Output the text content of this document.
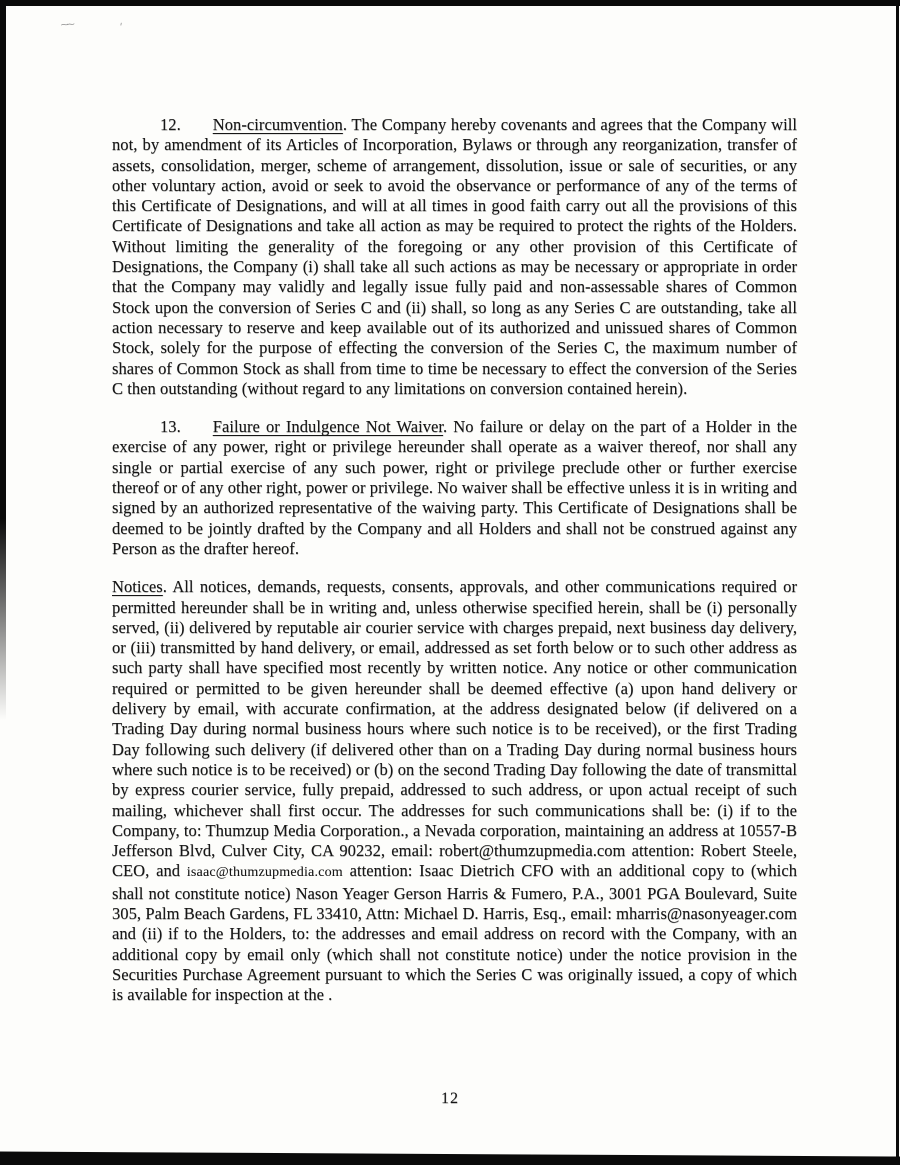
~~	'

12. Non-circumvention. The Company hereby covenants and agrees that the Company will not, by amendment of its Articles of Incorporation, Bylaws or through any reorganization, transfer of assets, consolidation, merger, scheme of arrangement, dissolution, issue or sale of securities, or any other voluntary action, avoid or seek to avoid the observance or performance of any of the terms of this Certificate of Designations, and will at all times in good faith carry out all the provisions of this Certificate of Designations and take all action as may be required to protect the rights of the Holders. Without limiting the generality of the foregoing or any other provision of this Certificate of Designations, the Company (i) shall take all such actions as may be necessary or appropriate in order that the Company may validly and legally issue fully paid and non-assessable shares of Common Stock upon the conversion of Series C and (ii) shall, so long as any Series C are outstanding, take all action necessary to reserve and keep available out of its authorized and unissued shares of Common Stock, solely for the purpose of effecting the conversion of the Series C, the maximum number of shares of Common Stock as shall from time to time be necessary to effect the conversion of the Series C then outstanding (without regard to any limitations on conversion contained herein).

13. Failure or Indulgence Not Waiver. No failure or delay on the part of a Holder in the exercise of any power, right or privilege hereunder shall operate as a waiver thereof, nor shall any single or partial exercise of any such power, right or privilege preclude other or further exercise thereof or of any other right, power or privilege. No waiver shall be effective unless it is in writing and signed by an authorized representative of the waiving party. This Certificate of Designations shall be deemed to be jointly drafted by the Company and all Holders and shall not be construed against any Person as the drafter hereof.

Notices. All notices, demands, requests, consents, approvals, and other communications required or permitted hereunder shall be in writing and, unless otherwise specified herein, shall be (i) personally served, (ii) delivered by reputable air courier service with charges prepaid, next business day delivery, or (iii) transmitted by hand delivery, or email, addressed as set forth below or to such other address as such party shall have specified most recently by written notice. Any notice or other communication required or permitted to be given hereunder shall be deemed effective (a) upon hand delivery or delivery by email, with accurate confirmation, at the address designated below (if delivered on a Trading Day during normal business hours where such notice is to be received), or the first Trading Day following such delivery (if delivered other than on a Trading Day during normal business hours where such notice is to be received) or (b) on the second Trading Day following the date of transmittal by express courier service, fully prepaid, addressed to such address, or upon actual receipt of such mailing, whichever shall first occur. The addresses for such communications shall be: (i) if to the Company, to: Thumzup Media Corporation., a Nevada corporation, maintaining an address at 10557-B Jefferson Blvd, Culver City, CA 90232, email: robert@thumzupmedia.com attention: Robert Steele, CEO, and isaac@thumzupmedia.com attention: Isaac Dietrich CFO with an additional copy to (which shall not constitute notice) Nason Yeager Gerson Harris & Fumero, P.A., 3001 PGA Boulevard, Suite 305, Palm Beach Gardens, FL 33410, Attn: Michael D. Harris, Esq., email: mharris@nasonyeager.com and (ii) if to the Holders, to: the addresses and email address on record with the Company, with an additional copy by email only (which shall not constitute notice) under the notice provision in the Securities Purchase Agreement pursuant to which the Series C was originally issued, a copy of which is available for inspection at the .

12
